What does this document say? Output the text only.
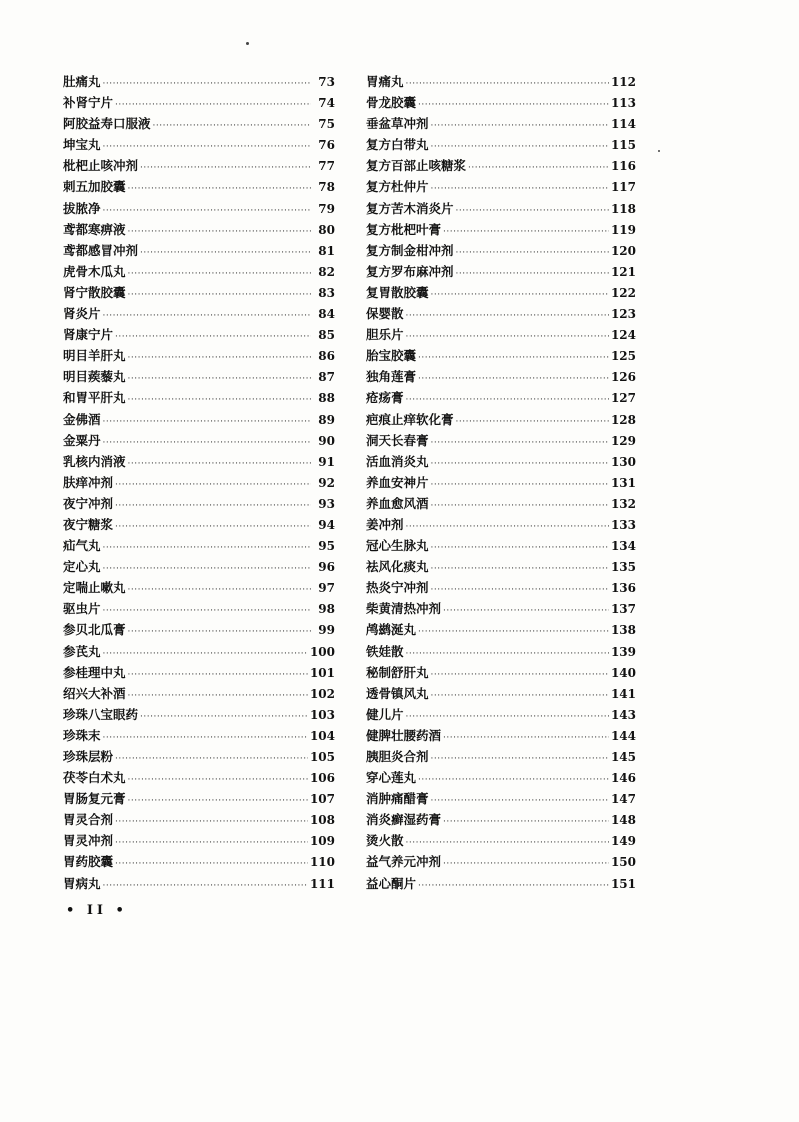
肚痛丸 ·····	73
补肾宁片 ·····	74
阿胶益寿口服液 ·····	75
坤宝丸 ·····	76
枇杷止咳冲剂 ·····	77
刺五加胶囊 ·····	78
拔脓净 ·····	79
鸢都寒痹液 ·····	80
鸢都感冒冲剂 ·····	81
虎骨木瓜丸 ·····	82
肾宁散胶囊 ·····	83
肾炎片 ·····	84
肾康宁片 ·····	85
明目羊肝丸 ·····	86
明目蒺藜丸 ·····	87
和胃平肝丸 ·····	88
金佛酒 ·····	89
金粟丹 ·····	90
乳核内消液 ·····	91
肤痒冲剂 ·····	92
夜宁冲剂 ·····	93
夜宁糖浆 ·····	94
疝气丸 ·····	95
定心丸 ·····	96
定喘止嗽丸 ·····	97
驱虫片 ·····	98
参贝北瓜膏 ·····	99
参芪丸 ·····	100
参桂理中丸 ·····	101
绍兴大补酒 ·····	102
珍珠八宝眼药 ·····	103
珍珠末 ·····	104
珍珠层粉 ·····	105
茯苓白术丸 ·····	106
胃肠复元膏 ·····	107
胃灵合剂 ·····	108
胃灵冲剂 ·····	109
胃药胶囊 ·····	110
胃病丸 ·····	111
胃痛丸 ·····	112
骨龙胶囊 ·····	113
垂盆草冲剂 ·····	114
复方白带丸 ·····	115
复方百部止咳糖浆 ·····	116
复方杜仲片 ·····	117
复方苦木消炎片 ·····	118
复方枇杷叶膏 ·····	119
复方制金柑冲剂 ·····	120
复方罗布麻冲剂 ·····	121
复胃散胶囊 ·····	122
保婴散 ·····	123
胆乐片 ·····	124
胎宝胶囊 ·····	125
独角莲膏 ·····	126
疮疡膏 ·····	127
疤痕止痒软化膏 ·····	128
洞天长春膏 ·····	129
活血消炎丸 ·····	130
养血安神片 ·····	131
养血愈风酒 ·····	132
姜冲剂 ·····	133
冠心生脉丸 ·····	134
祛风化痰丸 ·····	135
热炎宁冲剂 ·····	136
柴黄清热冲剂 ·····	137
鸬鹚涎丸 ·····	138
铁娃散 ·····	139
秘制舒肝丸 ·····	140
透骨镇风丸 ·····	141
健儿片 ·····	143
健脾壮腰药酒 ·····	144
胰胆炎合剂 ·····	145
穿心莲丸 ·····	146
消肿痛醋膏 ·····	147
消炎癣湿药膏 ·····	148
烫火散 ·····	149
益气养元冲剂 ·····	150
益心酮片 ·····	151
• II •
